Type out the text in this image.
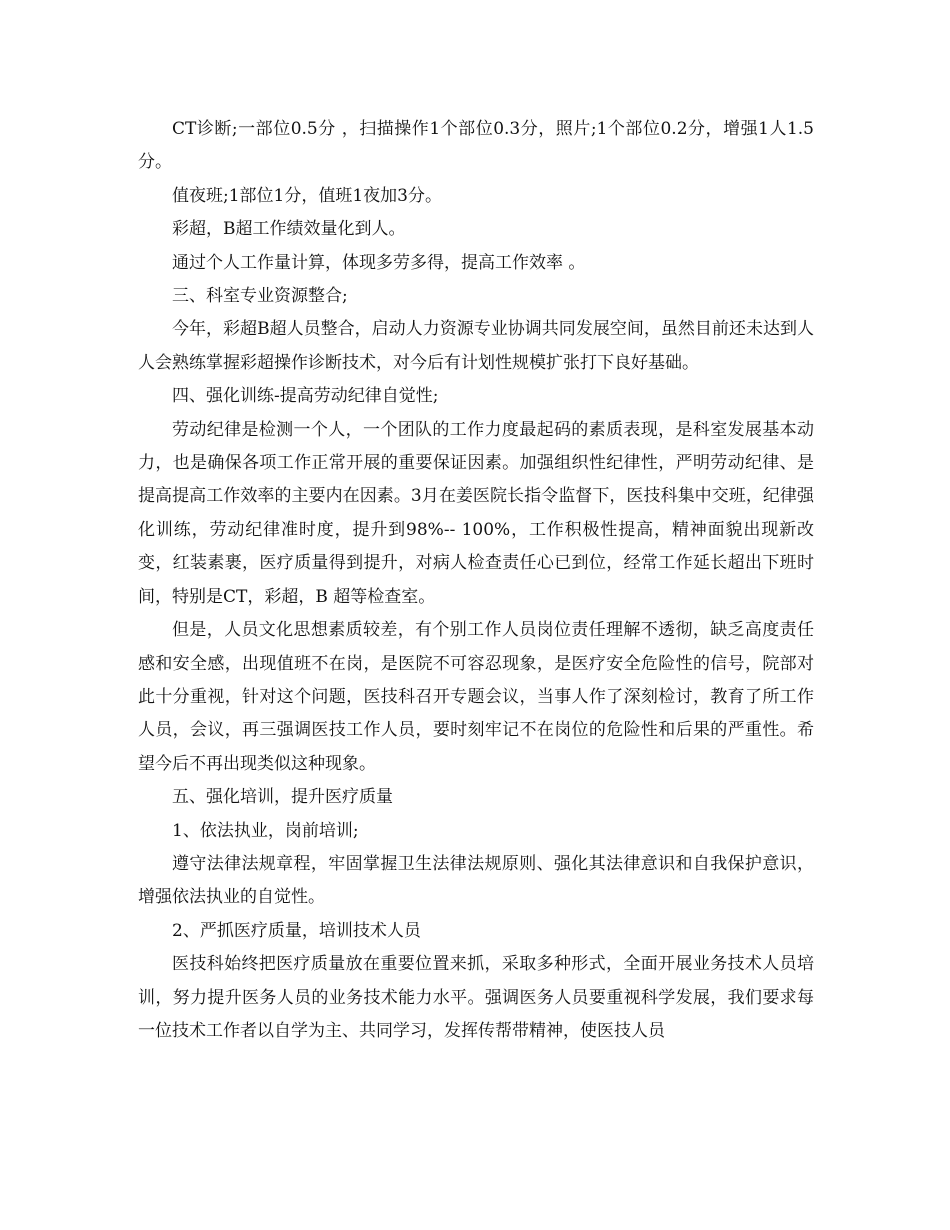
CT诊断;一部位0.5分 ，扫描操作1个部位0.3分，照片;1个部位0.2分，增强1人1.5分。

值夜班;1部位1分，值班1夜加3分。

彩超，B超工作绩效量化到人。

通过个人工作量计算，体现多劳多得，提高工作效率 。

三、科室专业资源整合;

今年，彩超B超人员整合，启动人力资源专业协调共同发展空间，虽然目前还未达到人人会熟练掌握彩超操作诊断技术，对今后有计划性规模扩张打下良好基础。

四、强化训练-提高劳动纪律自觉性;

劳动纪律是检测一个人，一个团队的工作力度最起码的素质表现，是科室发展基本动力，也是确保各项工作正常开展的重要保证因素。加强组织性纪律性，严明劳动纪律、是提高提高工作效率的主要内在因素。3月在姜医院长指令监督下，医技科集中交班，纪律强化训练，劳动纪律准时度，提升到98%-- 100%，工作积极性提高，精神面貌出现新改变，红装素裹，医疗质量得到提升，对病人检查责任心已到位，经常工作延长超出下班时间，特别是CT，彩超，B 超等检查室。

但是，人员文化思想素质较差，有个别工作人员岗位责任理解不透彻，缺乏高度责任感和安全感，出现值班不在岗，是医院不可容忍现象，是医疗安全危险性的信号，院部对此十分重视，针对这个问题，医技科召开专题会议，当事人作了深刻检讨，教育了所工作人员，会议，再三强调医技工作人员，要时刻牢记不在岗位的危险性和后果的严重性。希望今后不再出现类似这种现象。

五、强化培训，提升医疗质量

1、依法执业，岗前培训;

遵守法律法规章程，牢固掌握卫生法律法规原则、强化其法律意识和自我保护意识，增强依法执业的自觉性。

2、严抓医疗质量，培训技术人员

医技科始终把医疗质量放在重要位置来抓，采取多种形式，全面开展业务技术人员培训，努力提升医务人员的业务技术能力水平。强调医务人员要重视科学发展，我们要求每一位技术工作者以自学为主、共同学习，发挥传帮带精神，使医技人员
